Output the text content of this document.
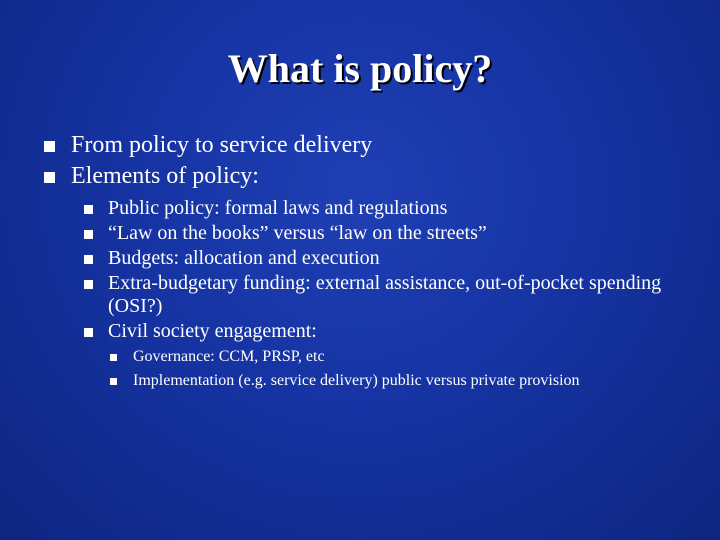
What is policy?
From policy to service delivery
Elements of policy:
Public policy: formal laws and regulations
“Law on the books” versus “law on the streets”
Budgets: allocation and execution
Extra-budgetary funding: external assistance, out-of-pocket spending (OSI?)
Civil society engagement:
Governance: CCM, PRSP, etc
Implementation (e.g. service delivery) public versus private provision
